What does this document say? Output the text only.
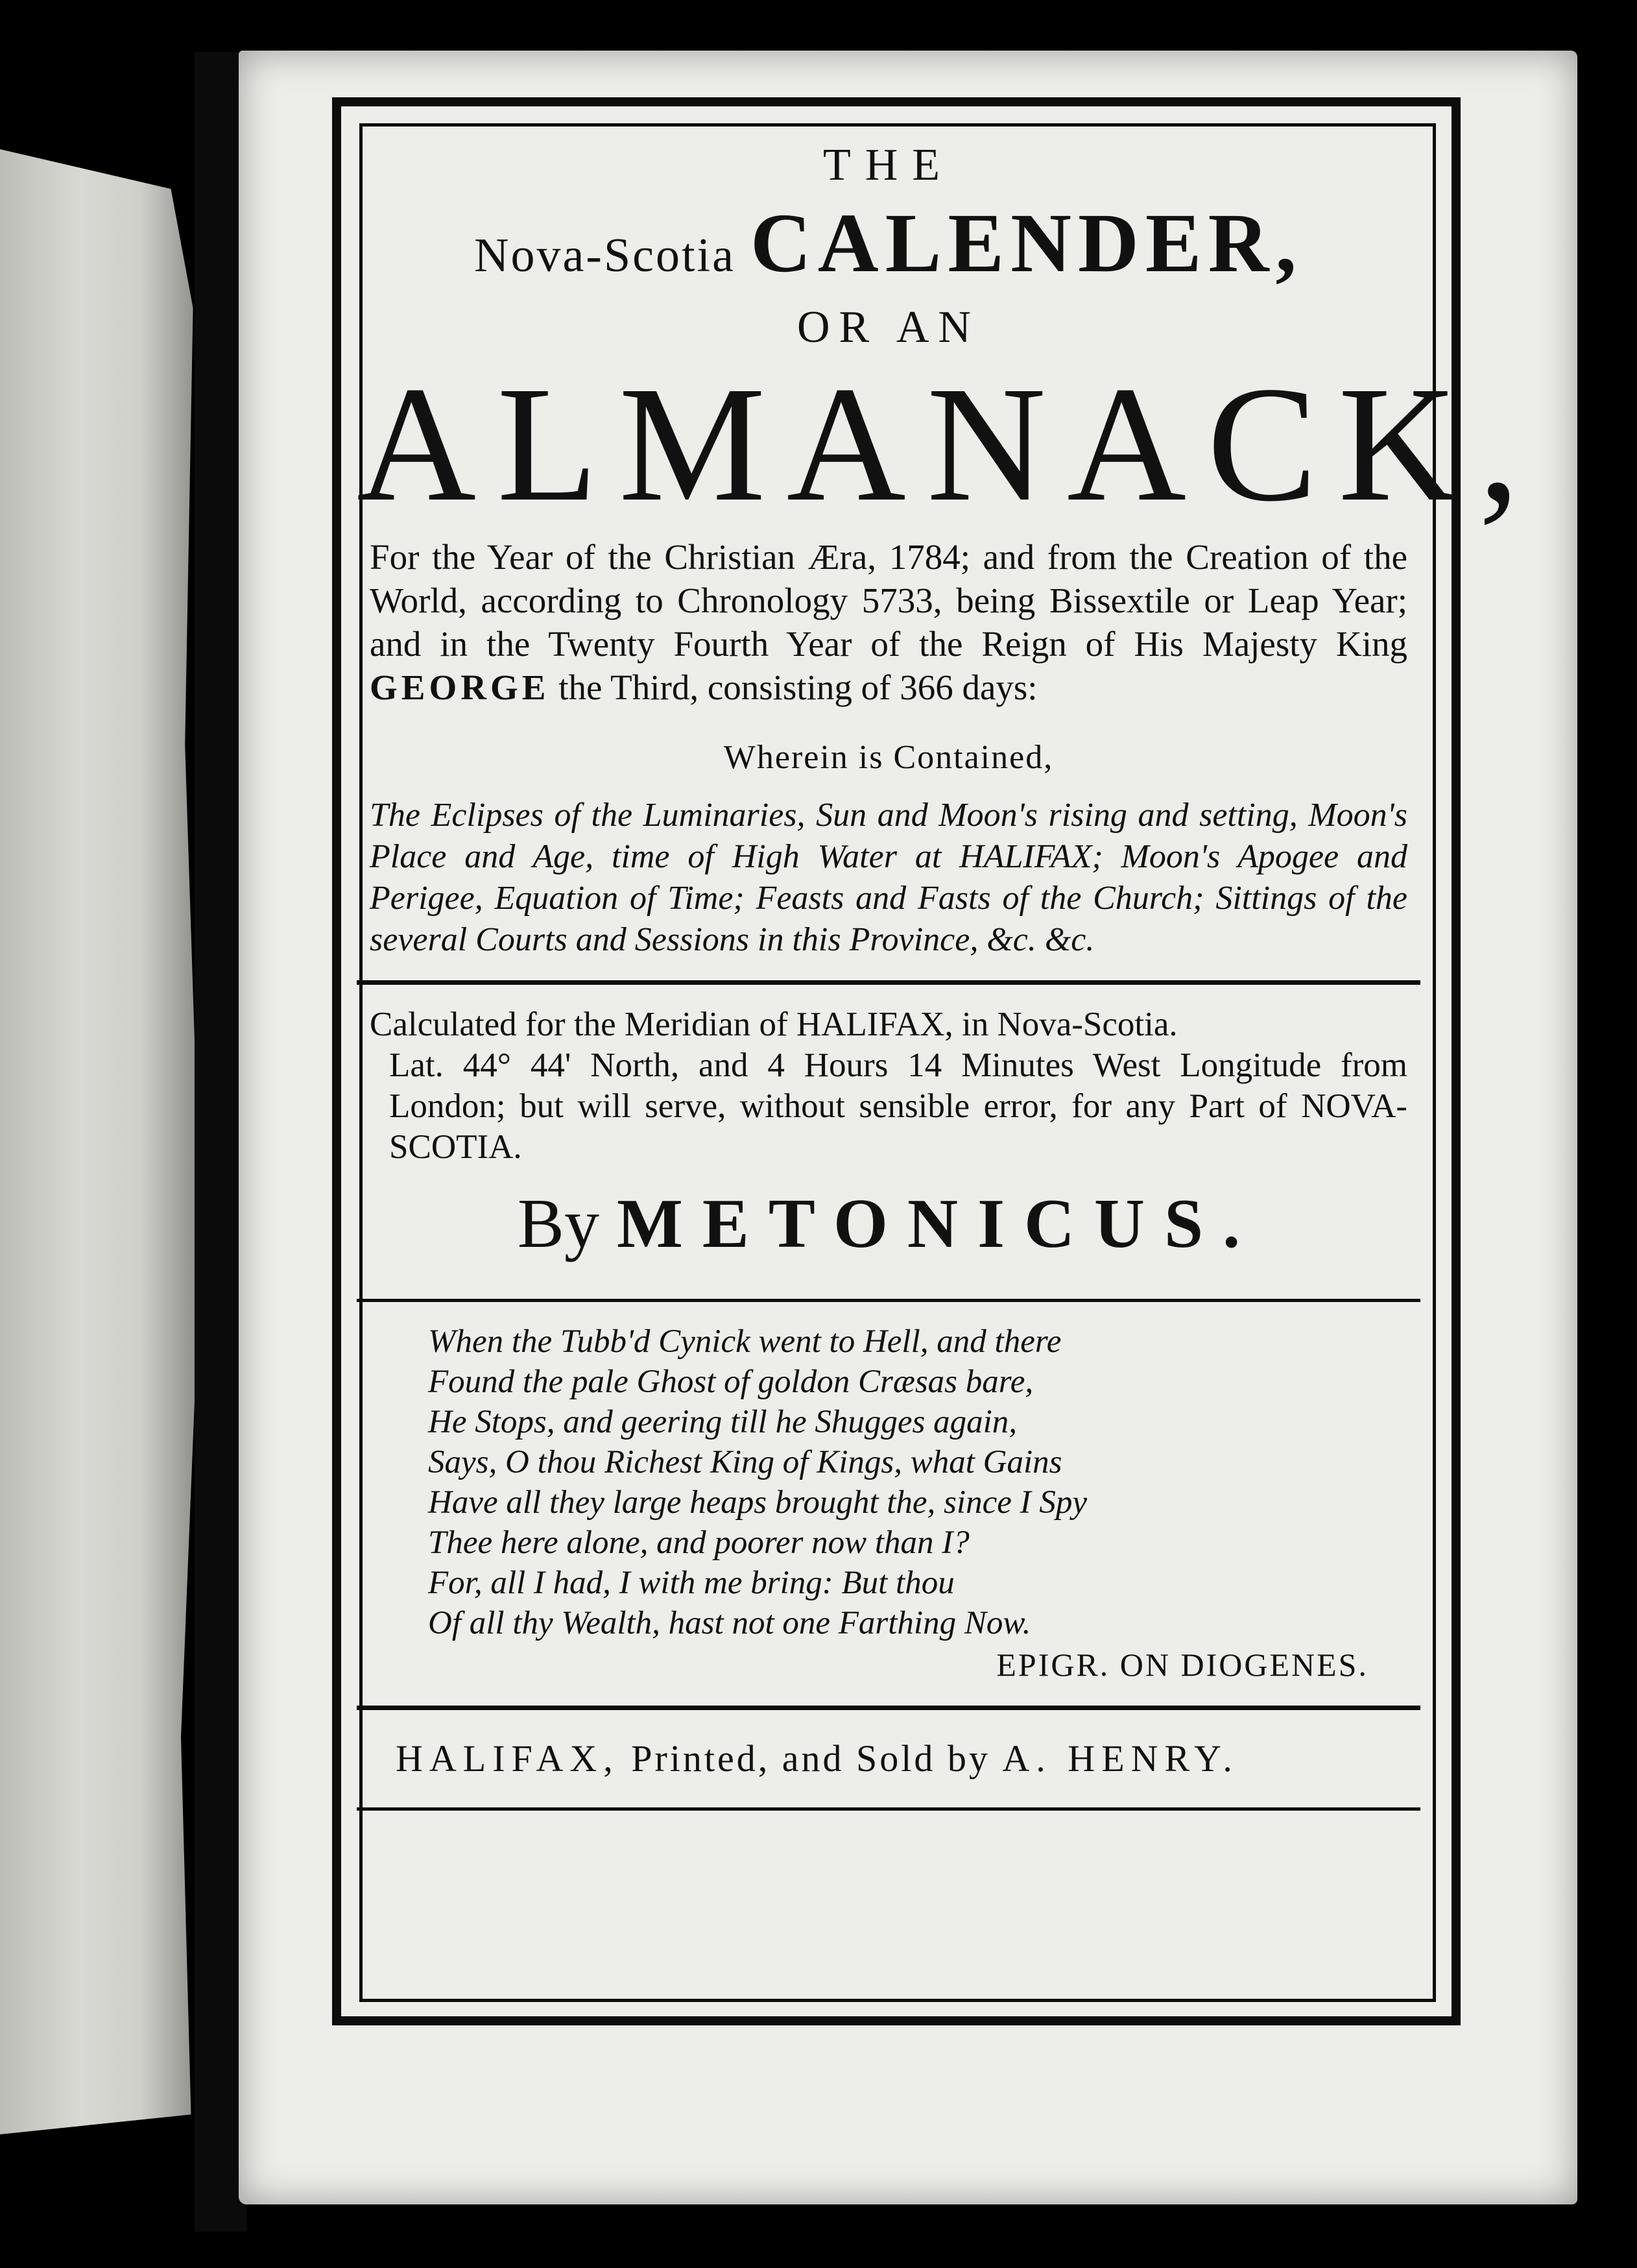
THE
Nova-Scotia CALENDER,
OR AN
ALMANACK,
For the Year of the Christian Æra, 1784; and from the Creation of the World, according to Chronology 5733, being Bissextile or Leap Year; and in the Twenty Fourth Year of the Reign of His Majesty King GEORGE the Third, consisting of 366 days:
Wherein is Contained,
The Eclipses of the Luminaries, Sun and Moon's rising and setting, Moon's Place and Age, time of High Water at HALIFAX; Moon's Apogee and Perigee, Equation of Time; Feasts and Fasts of the Church; Sittings of the several Courts and Sessions in this Province, &c. &c.
Calculated for the Meridian of HALIFAX, in Nova-Scotia.
Lat. 44° 44' North, and 4 Hours 14 Minutes West Longitude from London; but will serve, without sensible error, for any Part of NOVA-SCOTIA.
By METONICUS.
When the Tubb'd Cynick went to Hell, and there
Found the pale Ghost of goldon Cræsas bare,
He Stops, and geering till he Shugges again,
Says, O thou Richest King of Kings, what Gains
Have all they large heaps brought the, since I Spy
Thee here alone, and poorer now than I?
For, all I had, I with me bring: But thou
Of all thy Wealth, hast not one Farthing Now.
EPIGR. ON DIOGENES.
HALIFAX, Printed, and Sold by A. HENRY.
